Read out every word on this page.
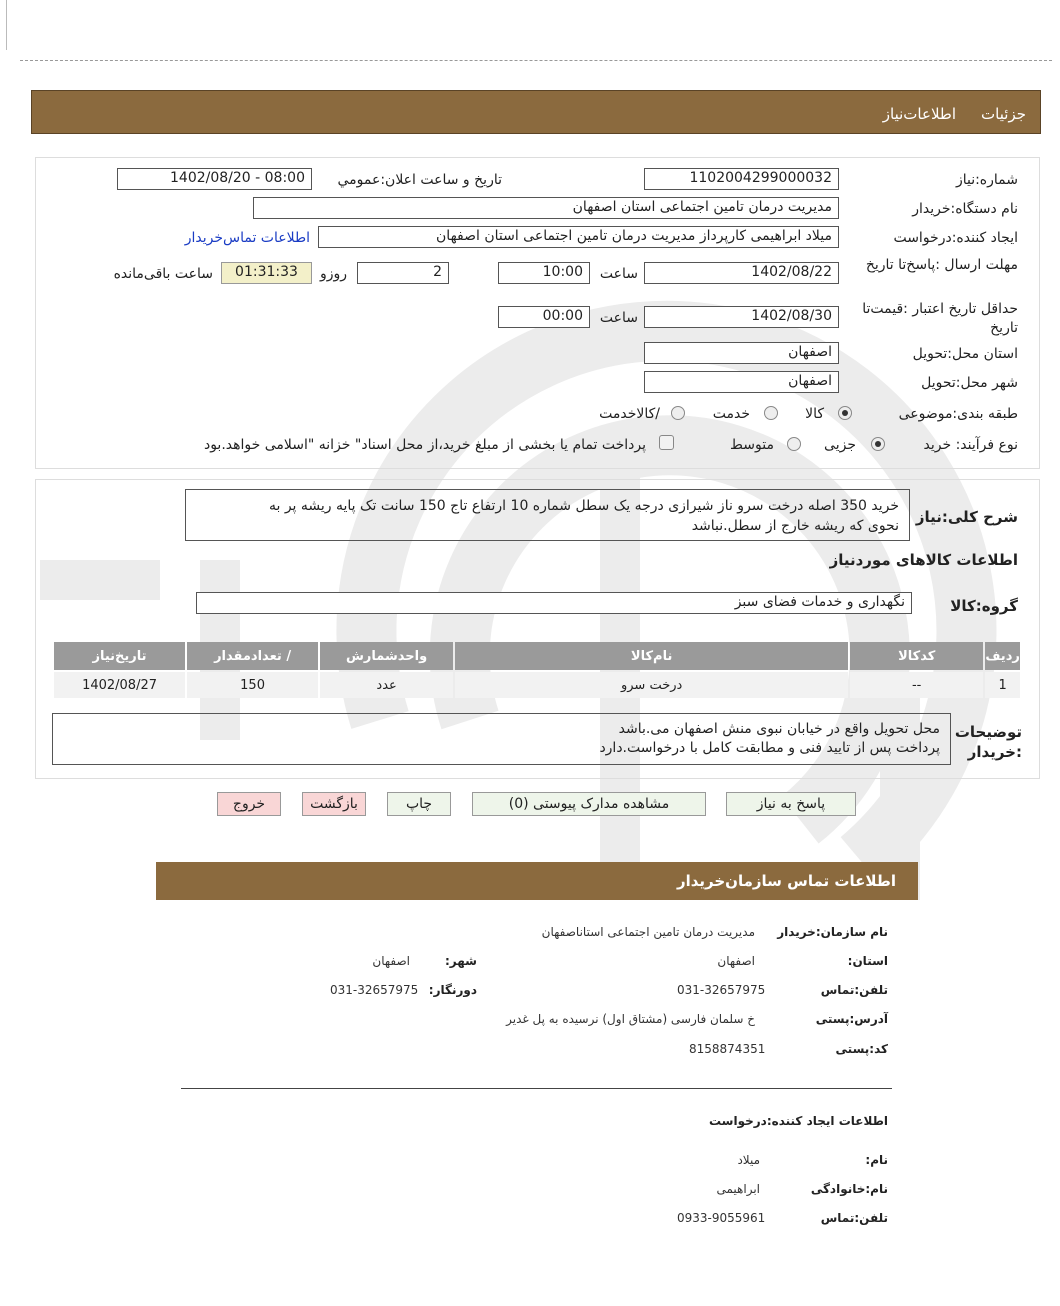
جزئیات
اطلاعات‌نیاز
شماره:نیاز
1102004299000032
تاریخ و ساعت اعلان:عمومي
1402/08/20 - 08:00
نام دستگاه:خریدار
مدیریت درمان تامین اجتماعی استان اصفهان
ایجاد کننده:درخواست
میلاد ابراهیمی کارپرداز مدیریت درمان تامین اجتماعی استان اصفهان
اطلاعات تماس‌خریدار
مهلت ارسال :پاسخ‌تا تاریخ
1402/08/22
ساعت
10:00
2
روزو
01:31:33
ساعت باقی‌مانده
حداقل تاریخ اعتبار :قیمت‌تا تاریخ
1402/08/30
ساعت
00:00
استان محل:تحویل
اصفهان
شهر محل:تحویل
اصفهان
طبقه بندی:موضوعی
کالا
خدمت
/کالاخدمت
نوع فرآیند: خرید
جزیی
متوسط
پرداخت تمام یا بخشی از مبلغ خرید،از محل اسناد" خزانه "اسلامی خواهد.بود
شرح کلی:نیاز
خرید 350 اصله درخت سرو ناز شیرازی درجه یک سطل شماره 10 ارتفاع تاج 150 سانت تک پایه ریشه پر به
نحوی که ریشه خارج از سطل.نباشد
اطلاعات کالاهای موردنیاز
گروه:کالا
نگهداری و خدمات فضای سبز
ردیف	کدکالا	نام‌کالا	واحدشمارش	/ تعدادمقدار	تاریخ‌نیاز
1	--	درخت سرو	عدد	150	1402/08/27
توضیحات :خریدار
محل تحویل واقع در خیابان نبوی منش اصفهان می.باشد
پرداخت پس از تایید فنی و مطابقت کامل با درخواست.دارد
پاسخ به نیاز
مشاهده مدارک پیوستی (0)
چاپ
بازگشت
خروج
اطلاعات تماس سازمان‌خریدار
نام سازمان:خریدار
مدیریت درمان تامین اجتماعی استاناصفهان
استان:
اصفهان
شهر:
اصفهان
تلفن:تماس
031-32657975
دورنگار:
031-32657975
آدرس:پستی
خ سلمان فارسی (مشتاق اول) نرسیده به پل غدیر
کد:پستی
8158874351
اطلاعات ایجاد کننده:درخواست
نام:
میلاد
نام:خانوادگی
ابراهیمی
تلفن:تماس
0933-9055961
